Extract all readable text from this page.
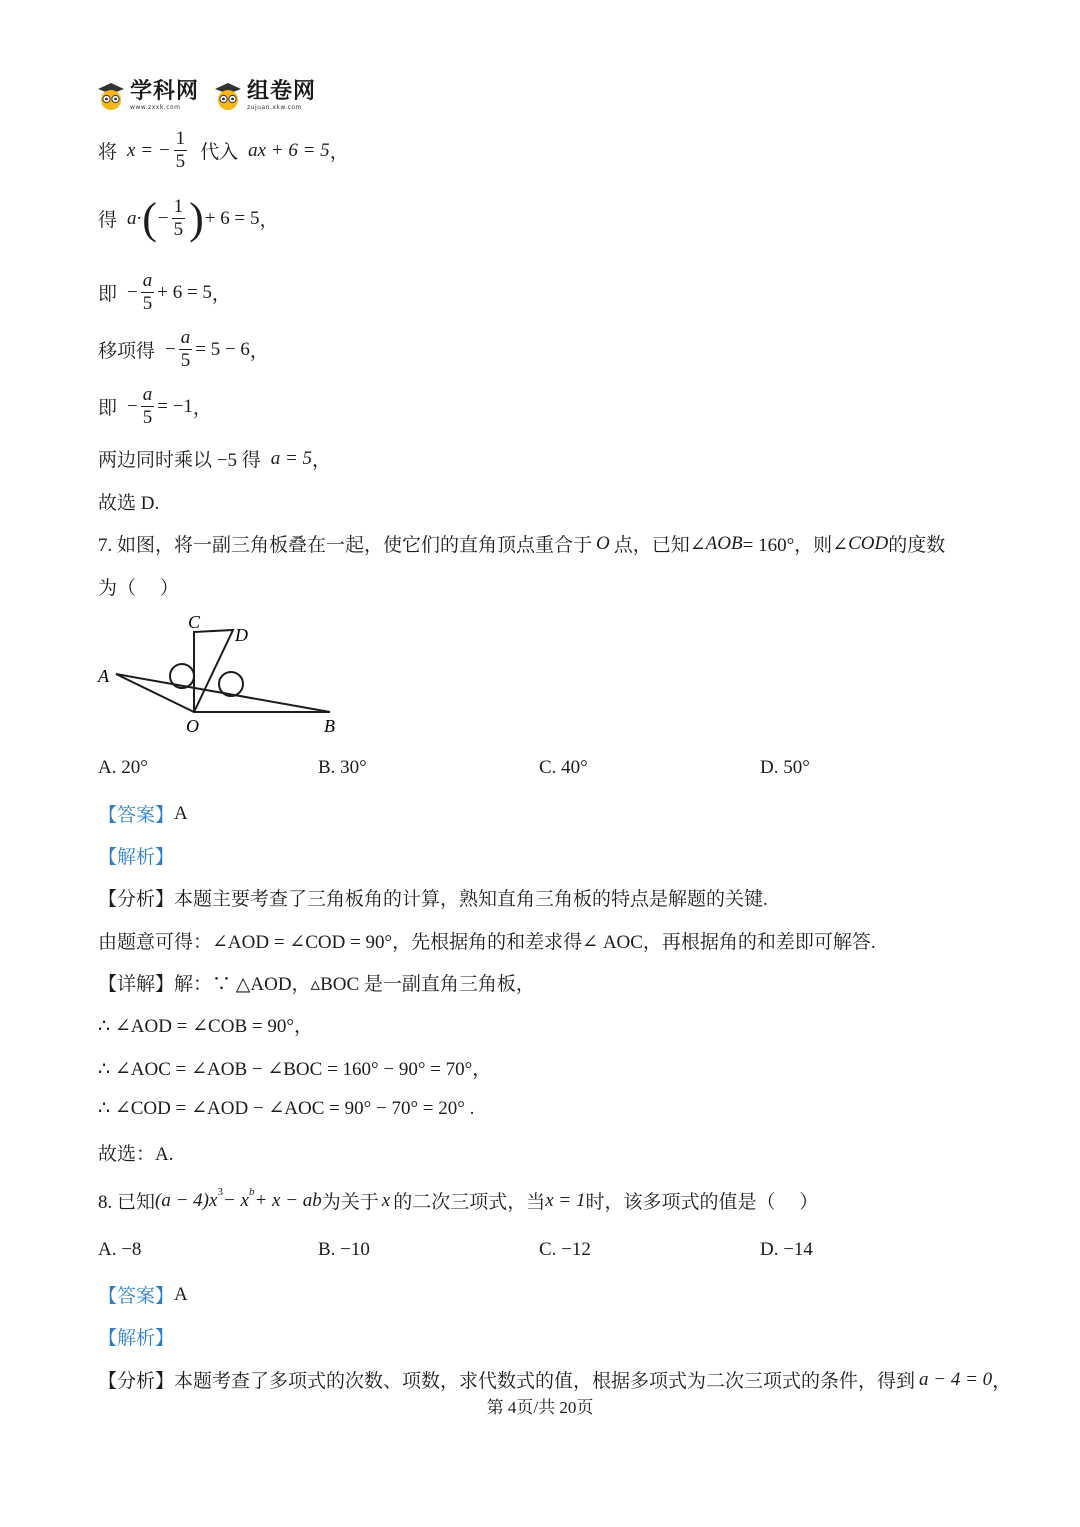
学科网
www.zxxk.com
组卷网
zujuan.xkw.com
将 x = − $\frac{1}{5}$ 代入 ax + 6 = 5 ，
得 a· ( − $\frac{1}{5}$ ) + 6 = 5 ，
即 − $\frac{a}{5} + 6 = 5$ ，
移项得 − $\frac{a}{5} = 5 - 6$ ，
即 − $\frac{a}{5} = -1$ ，
两边同时乘以 −5 得 a = 5 ，
故选 D.
7. 如图，将一副三角板叠在一起，使它们的直角顶点重合于 O 点，已知∠ AOB = 160°，则∠ COD 的度数
为（　 ）
A
C
D
O	B
A. 20°	B. 30°	C. 40°	D. 50°
【答案】 A
【解析】
【分析】 本题主要考查了三角板角的计算，熟知直角三角板的特点是解题的关键.
由题意可得：∠AOD = ∠COD = 90°，先根据角的和差求得∠ AOC，再根据角的和差即可解答.
【详解】 解：∵ △AOD，▵BOC 是一副直角三角板，
∴ ∠AOD = ∠COB = 90°，
∴ ∠AOC = ∠AOB − ∠BOC = 160° − 90° = 70°，
∴ ∠COD = ∠AOD − ∠AOC = 90° − 70° = 20° .
故选：A.
8. 已知 (a − 4)x 3 − x b + x − ab 为关于 x 的二次三项式，当 x = 1 时，该多项式的值是（　 ）
A. −8	B. −10	C. −12	D. −14
【答案】 A
【解析】
【分析】 本题考查了多项式的次数、项数，求代数式的值，根据多项式为二次三项式的条件，得到 a − 4 = 0 ，
第 4页/共 20页
